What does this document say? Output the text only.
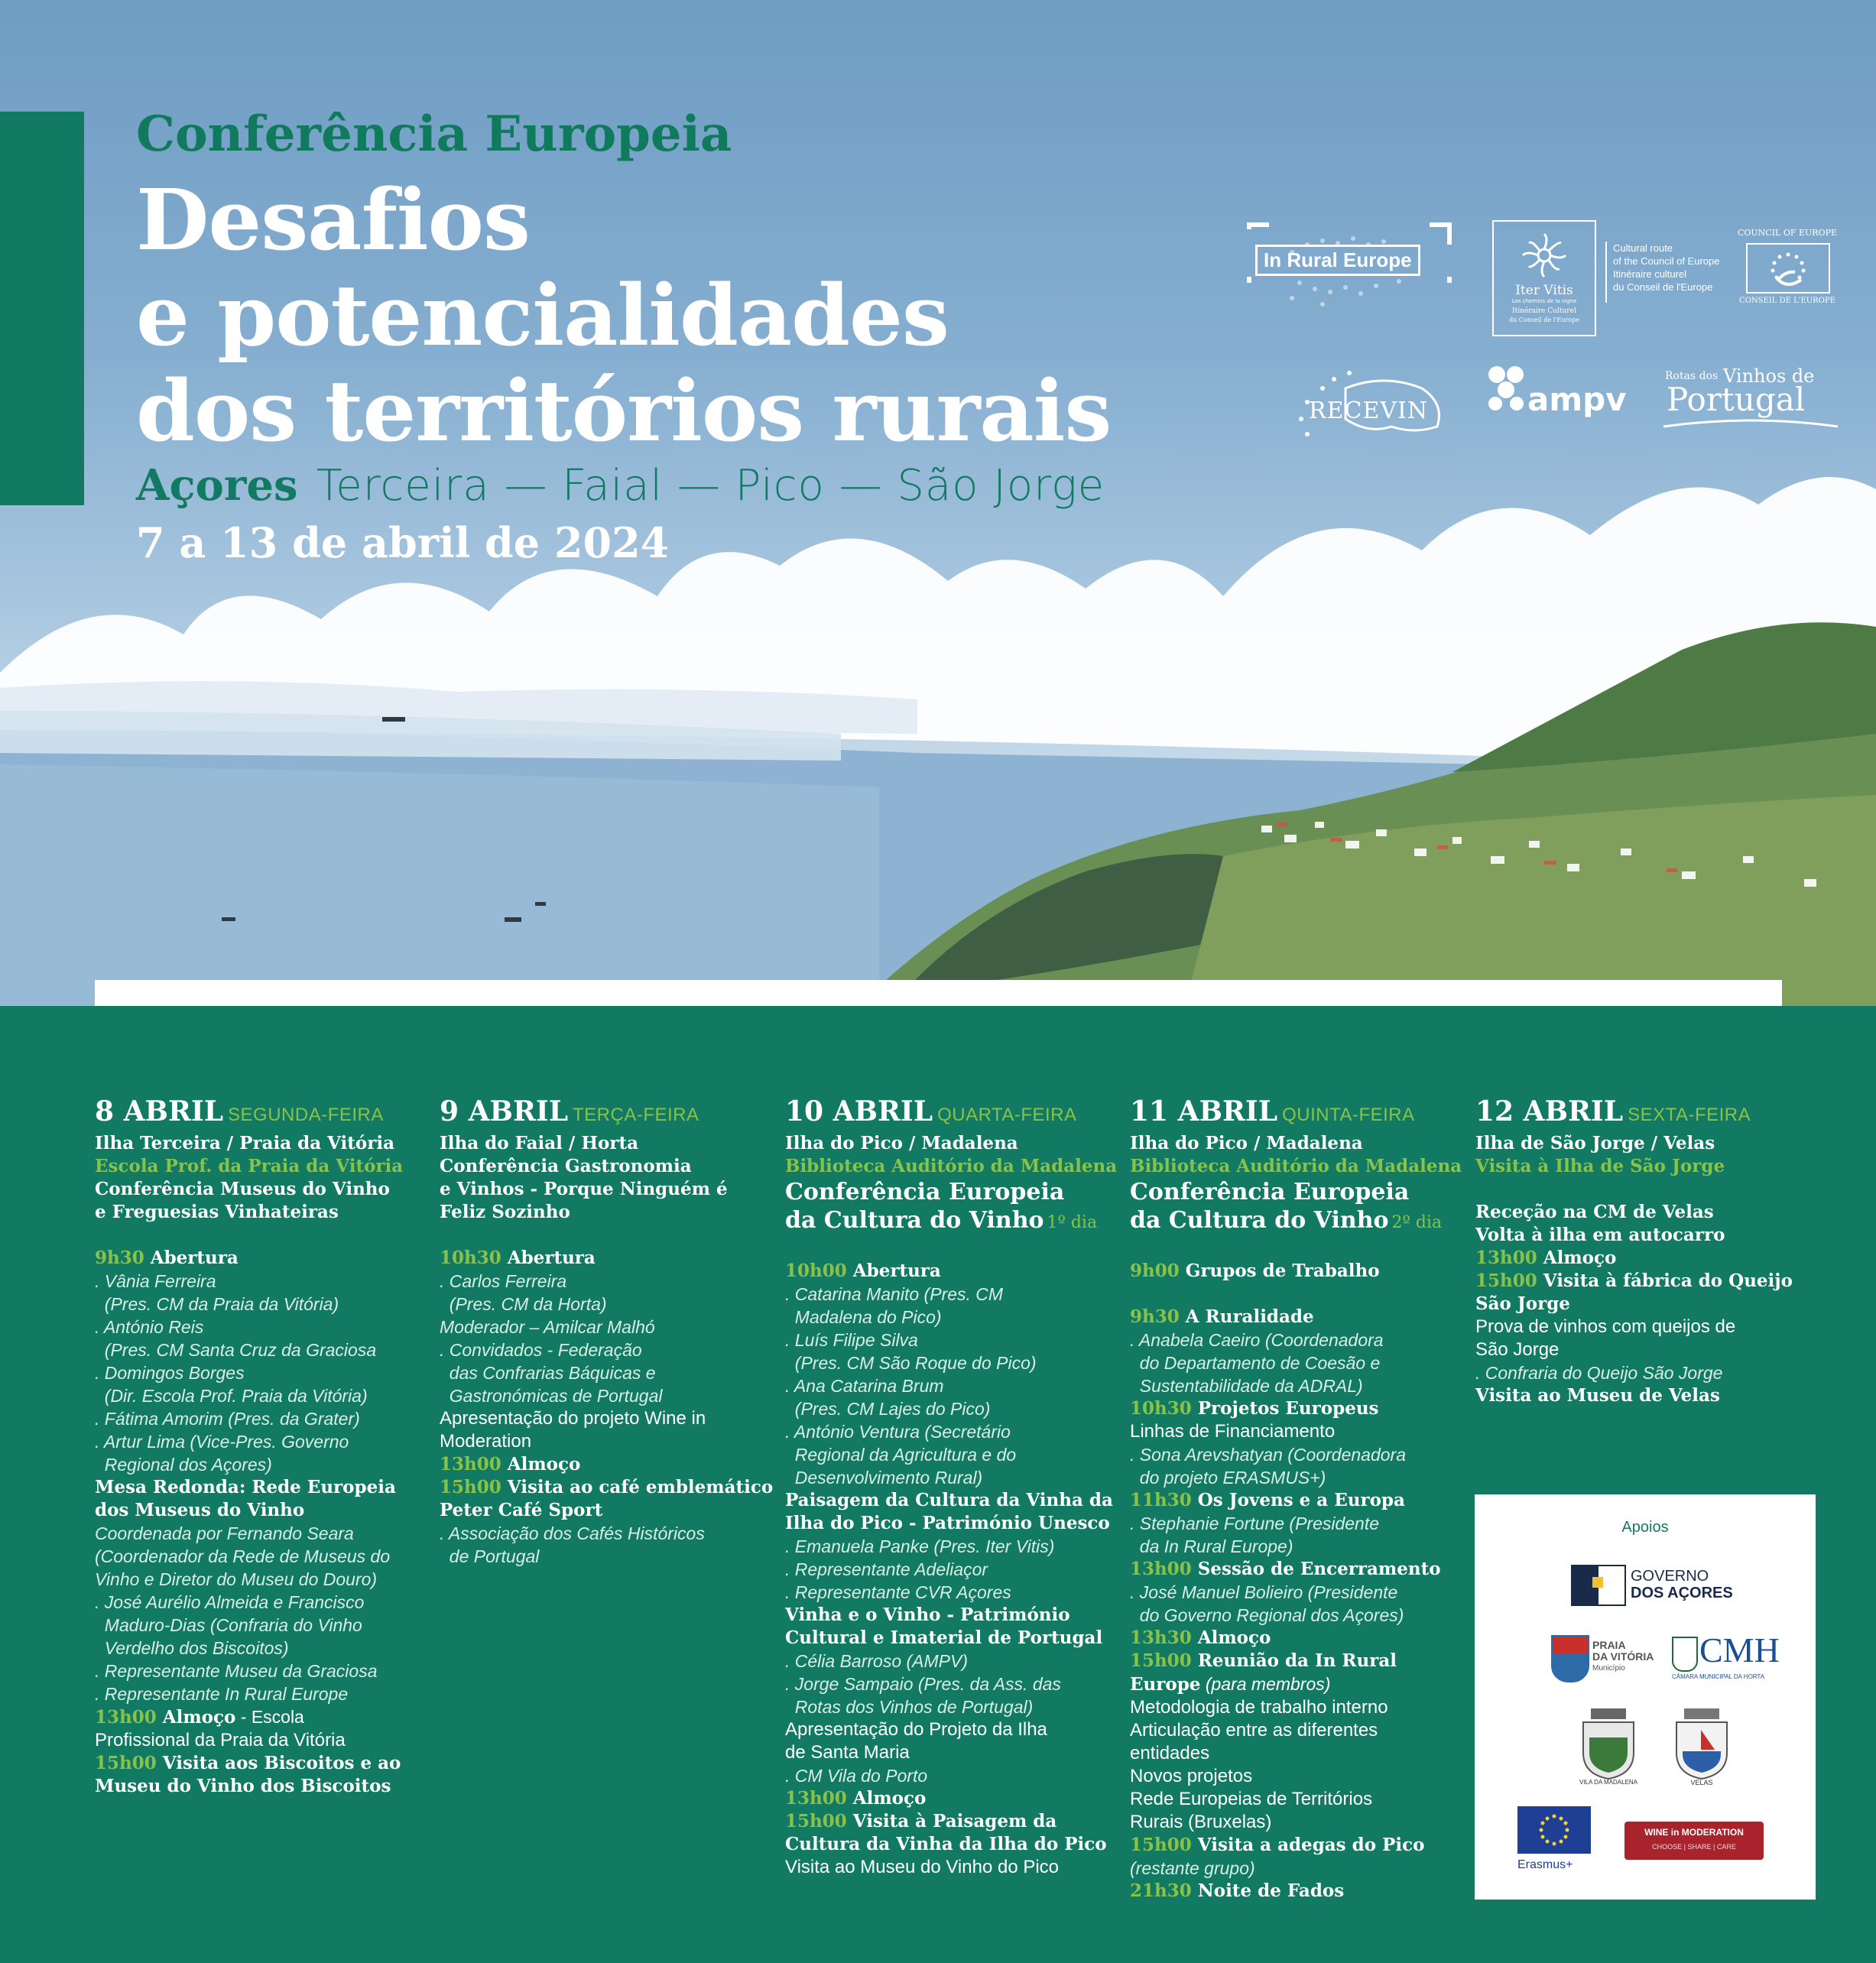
Conferência Europeia
Desafios
e potencialidades
dos territórios rurais
Açores Terceira — Faial — Pico — São Jorge
7 a 13 de abril de 2024
In Rural Europe
Iter Vitis
Les chemins de la vigne
Itinéraire Culturel
du Conseil de l'Europe
Cultural route
of the Council of Europe
Itinéraire culturel
du Conseil de l'Europe
COUNCIL OF EUROPE
CONSEIL DE L'EUROPE
RECEVIN	ampv
Rotas dos Vinhos de
Portugal
8 ABRIL SEGUNDA-FEIRA
Ilha Terceira / Praia da Vitória
Escola Prof. da Praia da Vitória
Conferência Museus do Vinho
e Freguesias Vinhateiras
9h30 Abertura
. Vânia Ferreira
(Pres. CM da Praia da Vitória)
. António Reis
(Pres. CM Santa Cruz da Graciosa
. Domingos Borges
(Dir. Escola Prof. Praia da Vitória)
. Fátima Amorim (Pres. da Grater)
. Artur Lima (Vice-Pres. Governo
Regional dos Açores)
Mesa Redonda: Rede Europeia
dos Museus do Vinho
Coordenada por Fernando Seara
(Coordenador da Rede de Museus do
Vinho e Diretor do Museu do Douro)
. José Aurélio Almeida e Francisco
Maduro-Dias (Confraria do Vinho
Verdelho dos Biscoitos)
. Representante Museu da Graciosa
. Representante In Rural Europe
13h00 Almoço - Escola
Profissional da Praia da Vitória
15h00 Visita aos Biscoitos e ao
Museu do Vinho dos Biscoitos
9 ABRIL TERÇA-FEIRA
Ilha do Faial / Horta
Conferência Gastronomia
e Vinhos - Porque Ninguém é
Feliz Sozinho
10h30 Abertura
. Carlos Ferreira
(Pres. CM da Horta)
Moderador – Amilcar Malhó
. Convidados - Federação
das Confrarias Báquicas e
Gastronómicas de Portugal
Apresentação do projeto Wine in
Moderation
13h00 Almoço
15h00 Visita ao café emblemático
Peter Café Sport
. Associação dos Cafés Históricos
de Portugal
10 ABRIL QUARTA-FEIRA
Ilha do Pico / Madalena
Biblioteca Auditório da Madalena
Conferência Europeia
da Cultura do Vinho 1º dia
10h00 Abertura
. Catarina Manito (Pres. CM
Madalena do Pico)
. Luís Filipe Silva
(Pres. CM São Roque do Pico)
. Ana Catarina Brum
(Pres. CM Lajes do Pico)
. António Ventura (Secretário
Regional da Agricultura e do
Desenvolvimento Rural)
Paisagem da Cultura da Vinha da
Ilha do Pico - Património Unesco
. Emanuela Panke (Pres. Iter Vitis)
. Representante Adeliaçor
. Representante CVR Açores
Vinha e o Vinho - Património
Cultural e Imaterial de Portugal
. Célia Barroso (AMPV)
. Jorge Sampaio (Pres. da Ass. das
Rotas dos Vinhos de Portugal)
Apresentação do Projeto da Ilha
de Santa Maria
. CM Vila do Porto
13h00 Almoço
15h00 Visita à Paisagem da
Cultura da Vinha da Ilha do Pico
Visita ao Museu do Vinho do Pico
11 ABRIL QUINTA-FEIRA
Ilha do Pico / Madalena
Biblioteca Auditório da Madalena
Conferência Europeia
da Cultura do Vinho 2º dia
9h00 Grupos de Trabalho
9h30 A Ruralidade
. Anabela Caeiro (Coordenadora
do Departamento de Coesão e
Sustentabilidade da ADRAL)
10h30 Projetos Europeus
Linhas de Financiamento
. Sona Arevshatyan (Coordenadora
do projeto ERASMUS+)
11h30 Os Jovens e a Europa
. Stephanie Fortune (Presidente
da In Rural Europe)
13h00 Sessão de Encerramento
. José Manuel Bolieiro (Presidente
do Governo Regional dos Açores)
13h30 Almoço
15h00 Reunião da In Rural
Europe (para membros)
Metodologia de trabalho interno
Articulação entre as diferentes
entidades
Novos projetos
Rede Europeias de Territórios
Rurais (Bruxelas)
15h00 Visita a adegas do Pico
(restante grupo)
21h30 Noite de Fados
12 ABRIL SEXTA-FEIRA
Ilha de São Jorge / Velas
Visita à Ilha de São Jorge
Receção na CM de Velas
Volta à ilha em autocarro
13h00 Almoço
15h00 Visita à fábrica do Queijo
São Jorge
Prova de vinhos com queijos de
São Jorge
. Confraria do Queijo São Jorge
Visita ao Museu de Velas
Apoios
GOVERNO
DOS AÇORES
PRAIA
DA VITÓRIA
Município	CMH
CÂMARA MUNICIPAL DA HORTA
VILA DA MADALENA	VELAS
Erasmus+
WINE in MODERATION
CHOOSE | SHARE | CARE
